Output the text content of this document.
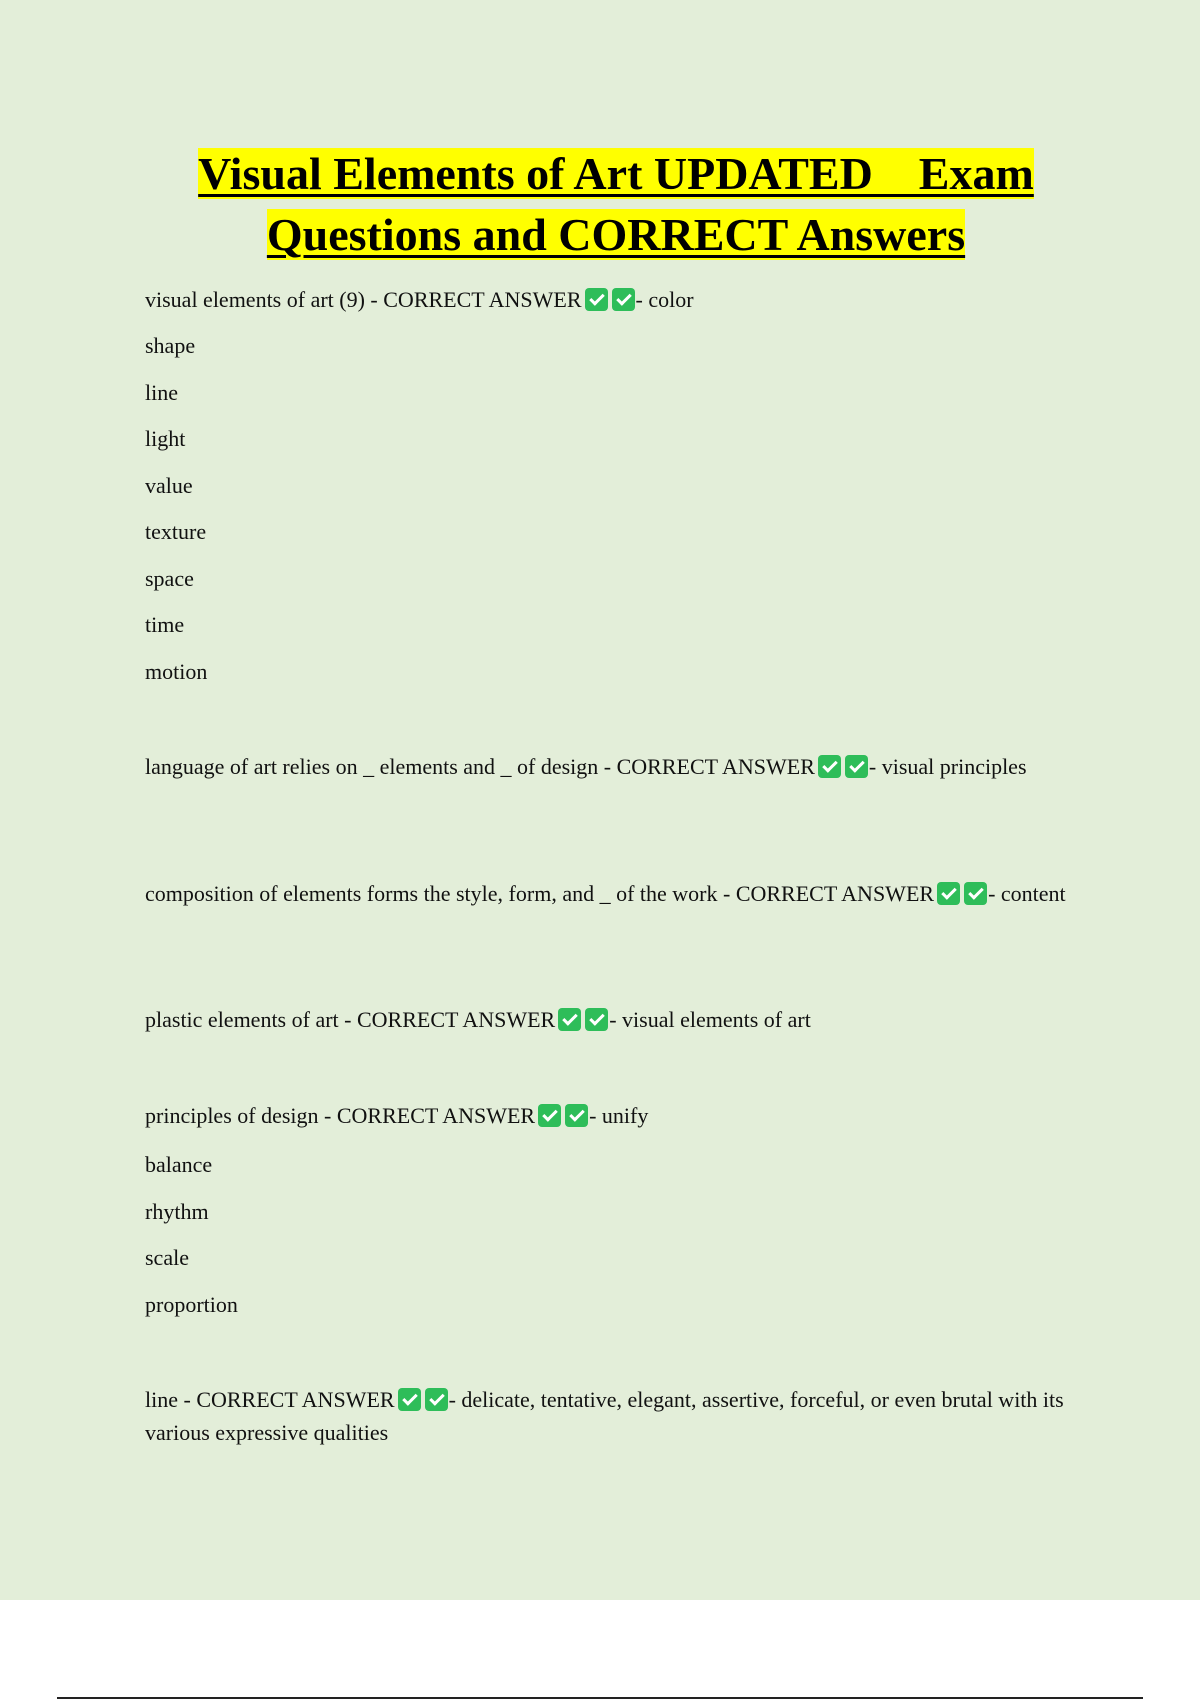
Visual Elements of Art UPDATED    Exam
Questions and CORRECT Answers

visual elements of art (9) - CORRECT ANSWER - color

shape

line

light

value

texture

space

time

motion

language of art relies on _ elements and _ of design - CORRECT ANSWER - visual principles

composition of elements forms the style, form, and _ of the work - CORRECT ANSWER - content

plastic elements of art - CORRECT ANSWER - visual elements of art

principles of design - CORRECT ANSWER - unify

balance

rhythm

scale

proportion

line - CORRECT ANSWER - delicate, tentative, elegant, assertive, forceful, or even brutal with its various expressive qualities
